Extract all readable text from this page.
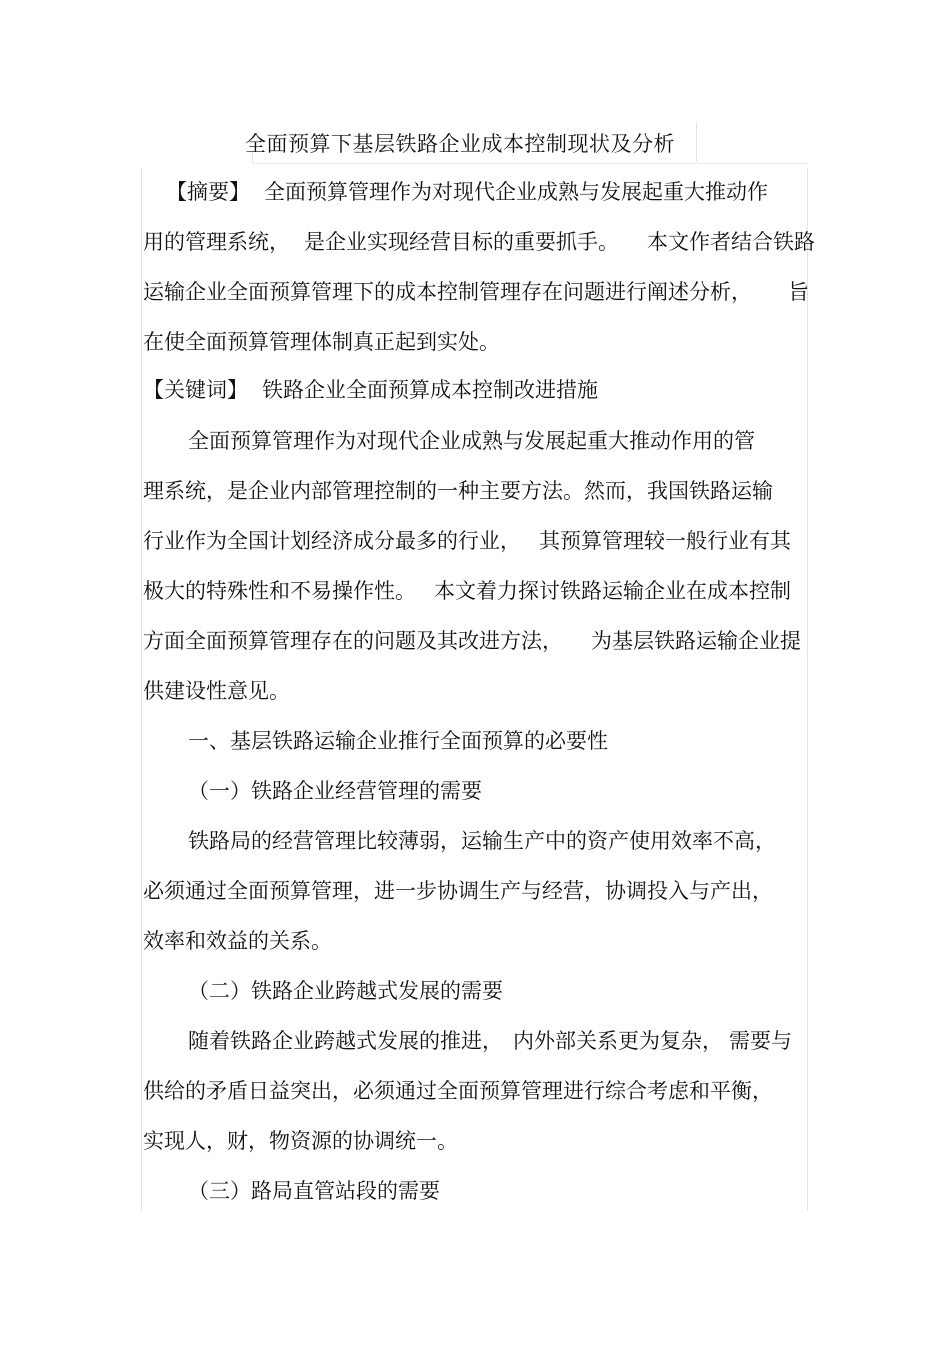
全面预算下基层铁路企业成本控制现状及分析
【摘要】 全面预算管理作为对现代企业成熟与发展起重大推动作
用的管理系统， 是企业实现经营目标的重要抓手。 本文作者结合铁路
运输企业全面预算管理下的成本控制管理存在问题进行阐述分析， 旨
在使全面预算管理体制真正起到实处。
【关键词】 铁路企业全面预算成本控制改进措施
全面预算管理作为对现代企业成熟与发展起重大推动作用的管
理系统，是企业内部管理控制的一种主要方法。然而，我国铁路运输
行业作为全国计划经济成分最多的行业， 其预算管理较一般行业有其
极大的特殊性和不易操作性。 本文着力探讨铁路运输企业在成本控制
方面全面预算管理存在的问题及其改进方法， 为基层铁路运输企业提
供建设性意见。
一、基层铁路运输企业推行全面预算的必要性
（一）铁路企业经营管理的需要
铁路局的经营管理比较薄弱，运输生产中的资产使用效率不高，
必须通过全面预算管理，进一步协调生产与经营，协调投入与产出，
效率和效益的关系。
（二）铁路企业跨越式发展的需要
随着铁路企业跨越式发展的推进， 内外部关系更为复杂， 需要与
供给的矛盾日益突出，必须通过全面预算管理进行综合考虑和平衡，
实现人，财，物资源的协调统一。
（三）路局直管站段的需要
